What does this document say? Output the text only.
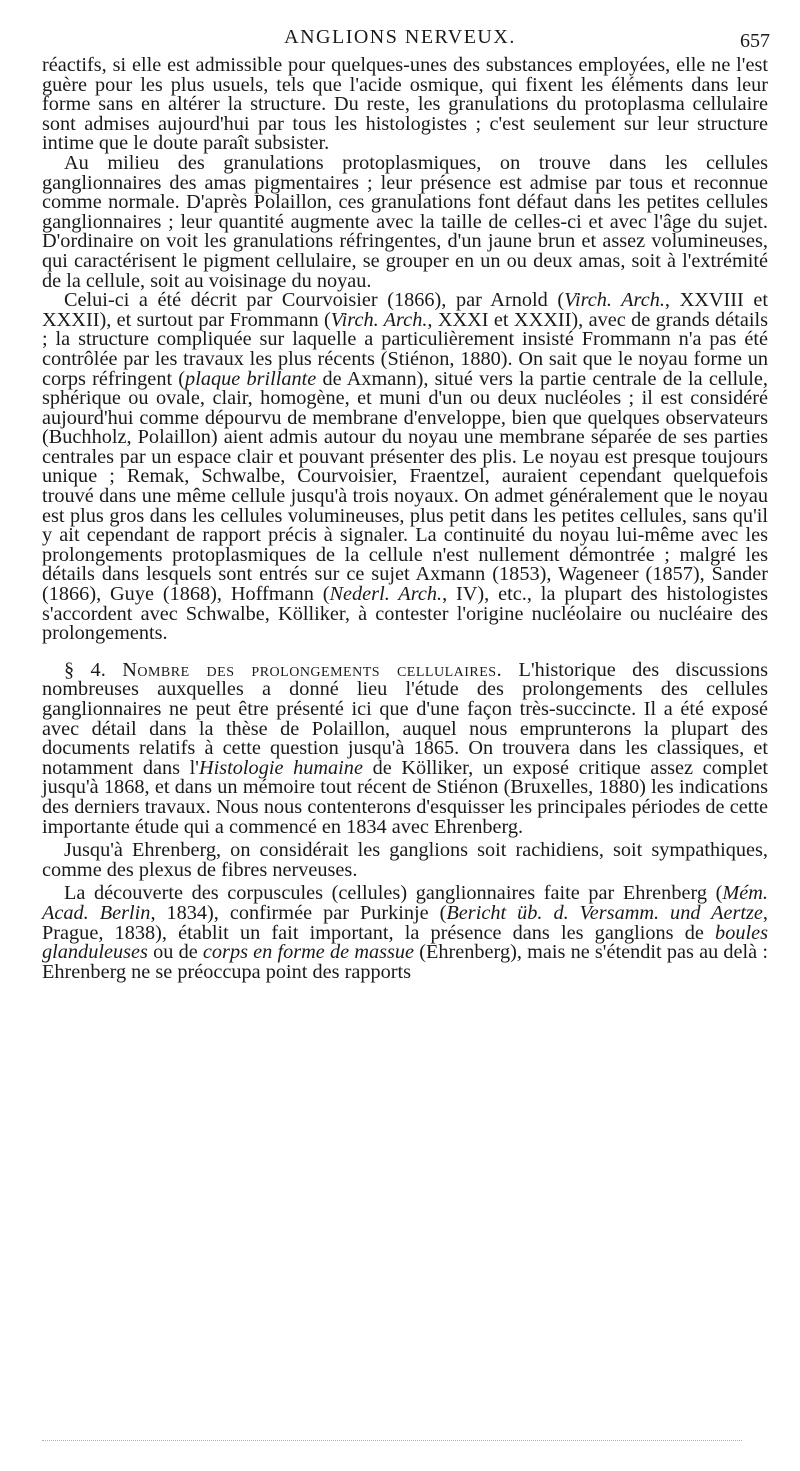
ANGLIONS NERVEUX.	657

réactifs, si elle est admissible pour quelques-unes des substances employées, elle ne l'est guère pour les plus usuels, tels que l'acide osmique, qui fixent les éléments dans leur forme sans en altérer la structure. Du reste, les granulations du protoplasma cellulaire sont admises aujourd'hui par tous les histologistes ; c'est seulement sur leur structure intime que le doute paraît subsister.

Au milieu des granulations protoplasmiques, on trouve dans les cellules ganglionnaires des amas pigmentaires ; leur présence est admise par tous et reconnue comme normale. D'après Polaillon, ces granulations font défaut dans les petites cellules ganglionnaires ; leur quantité augmente avec la taille de celles-ci et avec l'âge du sujet. D'ordinaire on voit les granulations réfringentes, d'un jaune brun et assez volumineuses, qui caractérisent le pigment cellulaire, se grouper en un ou deux amas, soit à l'extrémité de la cellule, soit au voisinage du noyau.

Celui-ci a été décrit par Courvoisier (1866), par Arnold (Virch. Arch., XXVIII et XXXII), et surtout par Frommann (Virch. Arch., XXXI et XXXII), avec de grands détails ; la structure compliquée sur laquelle a particulièrement insisté Frommann n'a pas été contrôlée par les travaux les plus récents (Stiénon, 1880). On sait que le noyau forme un corps réfringent (plaque brillante de Axmann), situé vers la partie centrale de la cellule, sphérique ou ovale, clair, homogène, et muni d'un ou deux nucléoles ; il est considéré aujourd'hui comme dépourvu de membrane d'enveloppe, bien que quelques observateurs (Buchholz, Polaillon) aient admis autour du noyau une membrane séparée de ses parties centrales par un espace clair et pouvant présenter des plis. Le noyau est presque toujours unique ; Remak, Schwalbe, Courvoisier, Fraentzel, auraient cependant quelquefois trouvé dans une même cellule jusqu'à trois noyaux. On admet généralement que le noyau est plus gros dans les cellules volumineuses, plus petit dans les petites cellules, sans qu'il y ait cependant de rapport précis à signaler. La continuité du noyau lui-même avec les prolongements protoplasmiques de la cellule n'est nullement démontrée ; malgré les détails dans lesquels sont entrés sur ce sujet Axmann (1853), Wageneer (1857), Sander (1866), Guye (1868), Hoffmann (Nederl. Arch., IV), etc., la plupart des histologistes s'accordent avec Schwalbe, Kölliker, à contester l'origine nucléolaire ou nucléaire des prolongements.

§ 4. Nombre des prolongements cellulaires. L'historique des discussions nombreuses auxquelles a donné lieu l'étude des prolongements des cellules ganglionnaires ne peut être présenté ici que d'une façon très-succincte. Il a été exposé avec détail dans la thèse de Polaillon, auquel nous emprunterons la plupart des documents relatifs à cette question jusqu'à 1865. On trouvera dans les classiques, et notamment dans l'Histologie humaine de Kölliker, un exposé critique assez complet jusqu'à 1868, et dans un mémoire tout récent de Stiénon (Bruxelles, 1880) les indications des derniers travaux. Nous nous contenterons d'esquisser les principales périodes de cette importante étude qui a commencé en 1834 avec Ehrenberg.

Jusqu'à Ehrenberg, on considérait les ganglions soit rachidiens, soit sympathiques, comme des plexus de fibres nerveuses.

La découverte des corpuscules (cellules) ganglionnaires faite par Ehrenberg (Mém. Acad. Berlin, 1834), confirmée par Purkinje (Bericht üb. d. Versamm. und Aertze, Prague, 1838), établit un fait important, la présence dans les ganglions de boules glanduleuses ou de corps en forme de massue (Ehrenberg), mais ne s'étendit pas au delà : Ehrenberg ne se préoccupa point des rapports
